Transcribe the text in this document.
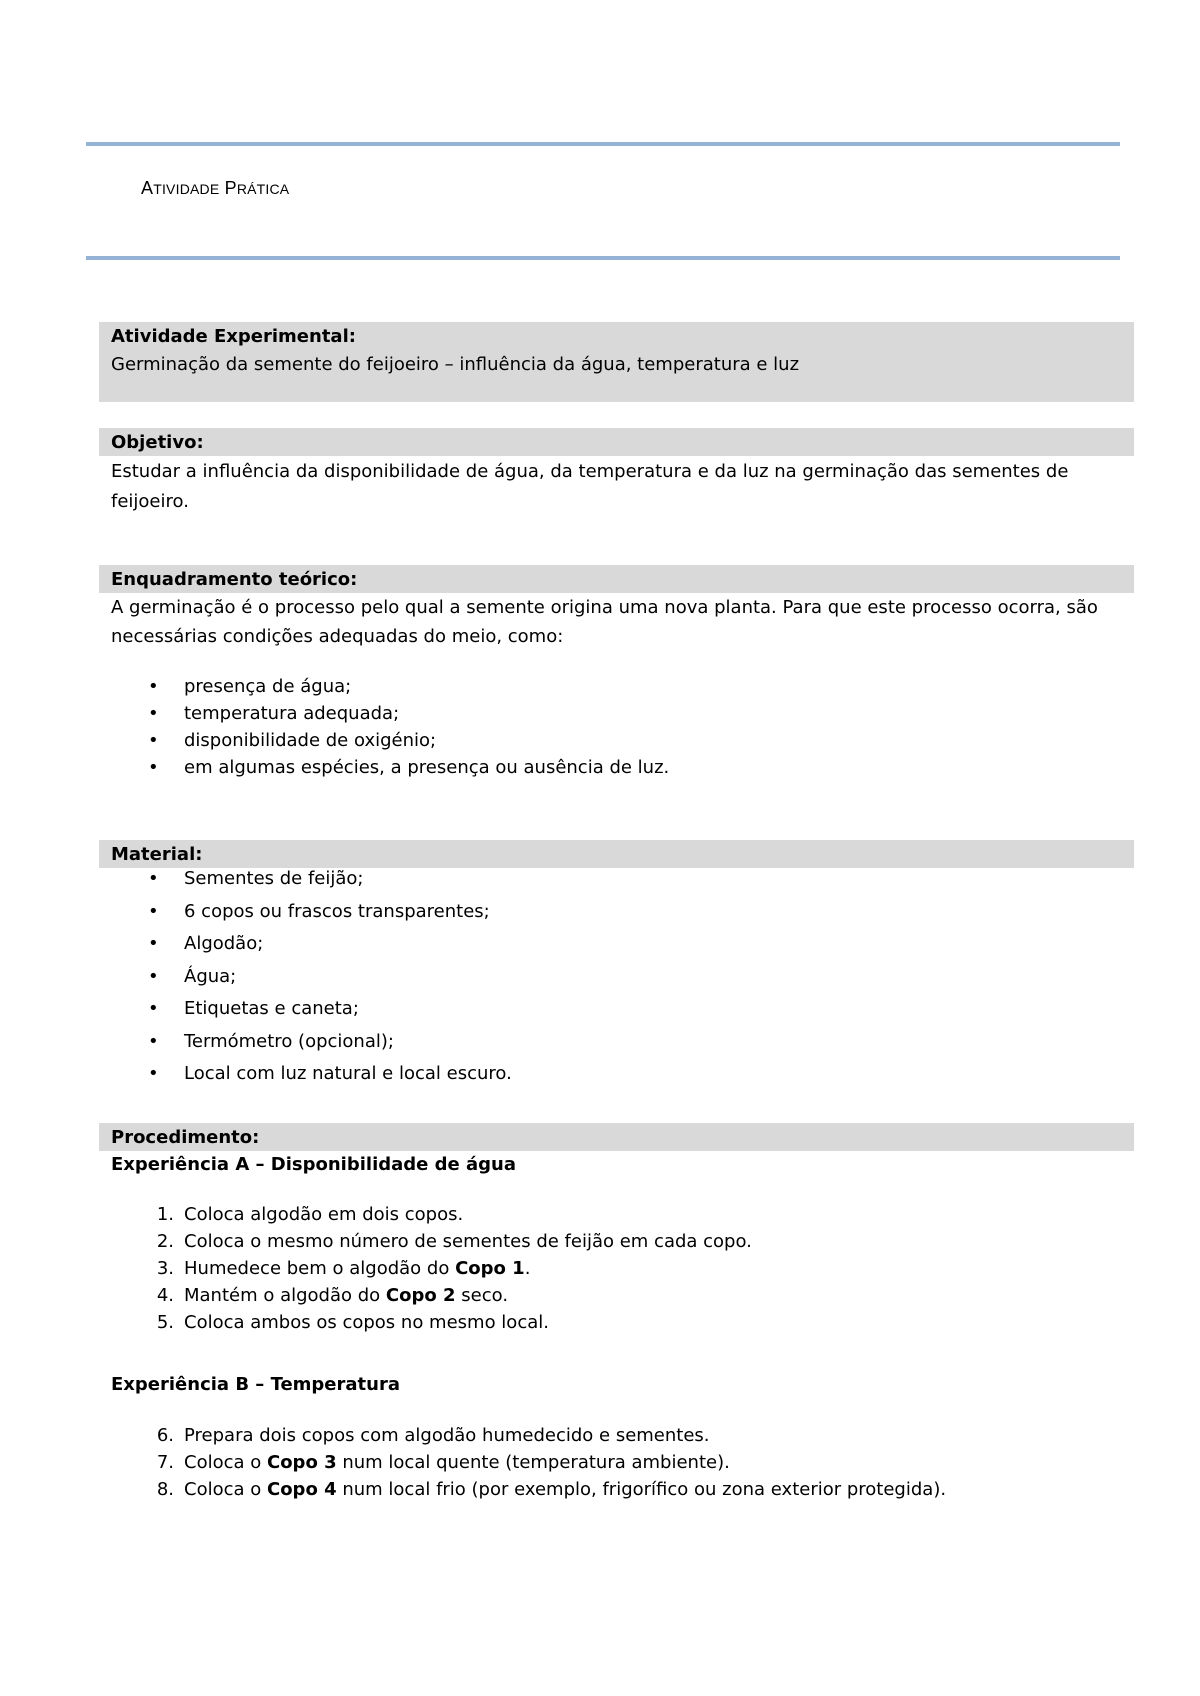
ATIVIDADE PRÁTICA
Atividade Experimental:
Germinação da semente do feijoeiro – influência da água, temperatura e luz
Objetivo:
Estudar a influência da disponibilidade de água, da temperatura e da luz na germinação das sementes de
feijoeiro.
Enquadramento teórico:
A germinação é o processo pelo qual a semente origina uma nova planta. Para que este processo ocorra, são
necessárias condições adequadas do meio, como:
• presença de água;
• temperatura adequada;
• disponibilidade de oxigénio;
• em algumas espécies, a presença ou ausência de luz.
Material:
• Sementes de feijão;
• 6 copos ou frascos transparentes;
• Algodão;
• Água;
• Etiquetas e caneta;
• Termómetro (opcional);
• Local com luz natural e local escuro.
Procedimento:
Experiência A – Disponibilidade de água
1. Coloca algodão em dois copos.
2. Coloca o mesmo número de sementes de feijão em cada copo.
3. Humedece bem o algodão do Copo 1.
4. Mantém o algodão do Copo 2 seco.
5. Coloca ambos os copos no mesmo local.
Experiência B – Temperatura
6. Prepara dois copos com algodão humedecido e sementes.
7. Coloca o Copo 3 num local quente (temperatura ambiente).
8. Coloca o Copo 4 num local frio (por exemplo, frigorífico ou zona exterior protegida).
